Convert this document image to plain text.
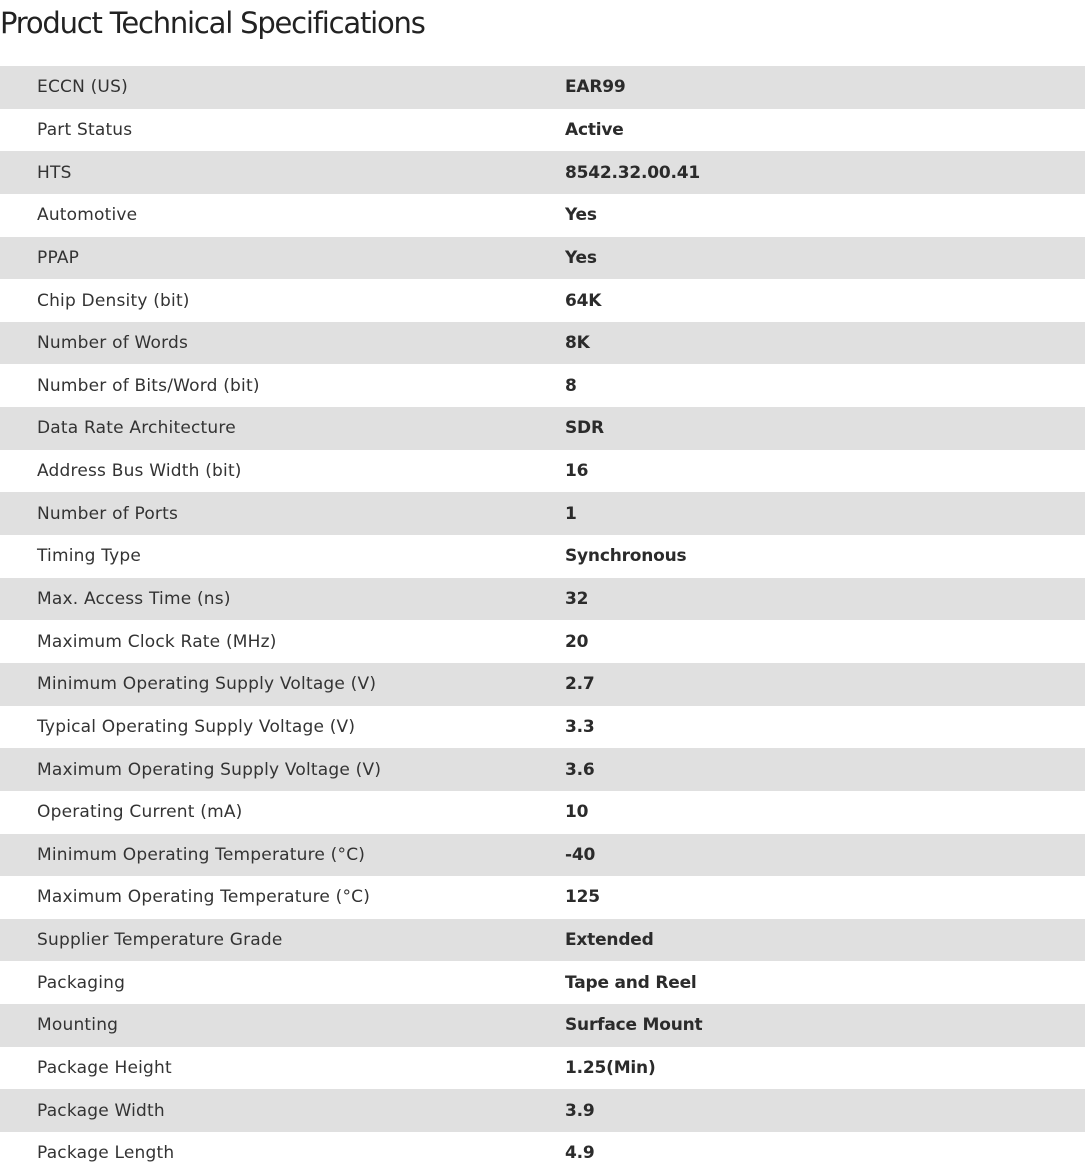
Product Technical Specifications
ECCN (US)	EAR99
Part Status	Active
HTS	8542.32.00.41
Automotive	Yes
PPAP	Yes
Chip Density (bit)	64K
Number of Words	8K
Number of Bits/Word (bit)	8
Data Rate Architecture	SDR
Address Bus Width (bit)	16
Number of Ports	1
Timing Type	Synchronous
Max. Access Time (ns)	32
Maximum Clock Rate (MHz)	20
Minimum Operating Supply Voltage (V)	2.7
Typical Operating Supply Voltage (V)	3.3
Maximum Operating Supply Voltage (V)	3.6
Operating Current (mA)	10
Minimum Operating Temperature (°C)	-40
Maximum Operating Temperature (°C)	125
Supplier Temperature Grade	Extended
Packaging	Tape and Reel
Mounting	Surface Mount
Package Height	1.25(Min)
Package Width	3.9
Package Length	4.9
